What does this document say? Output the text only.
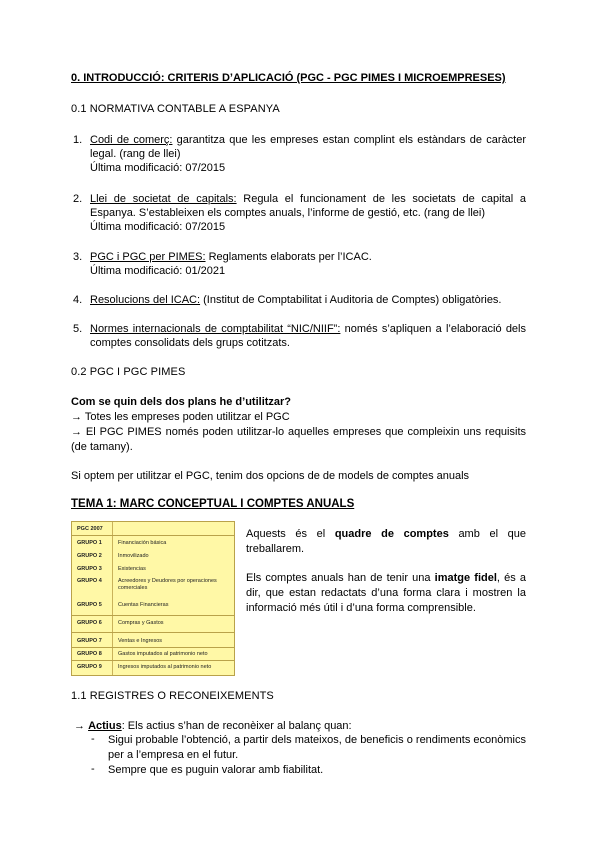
0. INTRODUCCIÓ: CRITERIS D’APLICACIÓ (PGC - PGC PIMES I MICROEMPRESES)
0.1 NORMATIVA CONTABLE A ESPANYA
1. Codi de comerç: garantitza que les empreses estan complint els estàndars de caràcter legal. (rang de llei)
Última modificació: 07/2015
2. Llei de societat de capitals: Regula el funcionament de les societats de capital a Espanya. S’estableixen els comptes anuals, l’informe de gestió, etc. (rang de llei)
Última modificació: 07/2015
3. PGC i PGC per PIMES: Reglaments elaborats per l’ICAC.
Última modificació: 01/2021
4. Resolucions del ICAC: (Institut de Comptabilitat i Auditoria de Comptes) obligatòries.
5. Normes internacionals de comptabilitat “NIC/NIIF”: només s’apliquen a l’elaboració dels comptes consolidats dels grups cotitzats.
0.2 PGC I PGC PIMES
Com se quin dels dos plans he d’utilitzar?
→ Totes les empreses poden utilitzar el PGC
→ El PGC PIMES només poden utilitzar-lo aquelles empreses que compleixin uns requisits (de tamany).
Si optem per utilitzar el PGC, tenim dos opcions de de models de comptes anuals
TEMA 1: MARC CONCEPTUAL I COMPTES ANUALS
PGC 2007
GRUPO 1	Financiación básica
GRUPO 2	Inmovilizado
GRUPO 3	Existencias
GRUPO 4	Acreedores y Deudores por operaciones comerciales
GRUPO 5	Cuentas Financieras
GRUPO 6	Compras y Gastos
GRUPO 7	Ventas e Ingresos
GRUPO 8	Gastos imputados al patrimonio neto
GRUPO 9	Ingresos imputados al patrimonio neto
Aquests és el quadre de comptes amb el que treballarem.
Els comptes anuals han de tenir una imatge fidel, és a dir, que estan redactats d’una forma clara i mostren la informació més útil i d’una forma comprensible.
1.1 REGISTRES O RECONEIXEMENTS
→ Actius: Els actius s’han de reconèixer al balanç quan:
- Sigui probable l’obtenció, a partir dels mateixos, de beneficis o rendiments econòmics per a l’empresa en el futur.
- Sempre que es puguin valorar amb fiabilitat.
